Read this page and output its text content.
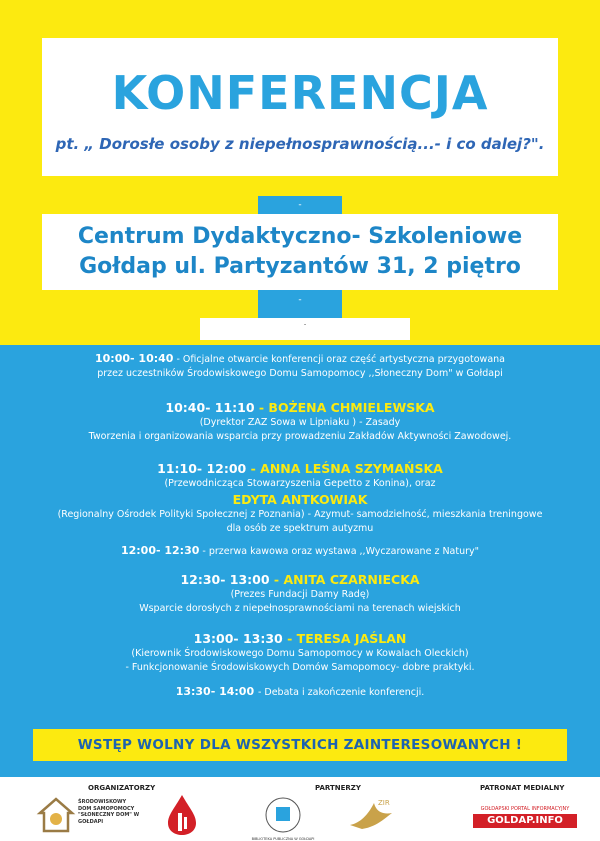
KONFERENCJA
pt. „ Dorosłe osoby z niepełnosprawnością...- i co dalej?".
-
Centrum Dydaktyczno- Szkoleniowe
Gołdap ul. Partyzantów 31, 2 piętro
-
.
10:00- 10:40 - Oficjalne otwarcie konferencji oraz część artystyczna przygotowana
przez uczestników Środowiskowego Domu Samopomocy ,,Słoneczny Dom" w Gołdapi
10:40- 11:10 - BOŻENA CHMIELEWSKA
(Dyrektor ZAZ Sowa w Lipniaku ) - Zasady
Tworzenia i organizowania wsparcia przy prowadzeniu Zakładów Aktywności Zawodowej.
11:10- 12:00 - ANNA LEŚNA SZYMAŃSKA
(Przewodnicząca Stowarzyszenia Gepetto z Konina), oraz
EDYTA ANTKOWIAK
(Regionalny Ośrodek Polityki Społecznej z Poznania) - Azymut- samodzielność, mieszkania treningowe
dla osób ze spektrum autyzmu
12:00- 12:30 - przerwa kawowa oraz wystawa ,,Wyczarowane z Natury"
12:30- 13:00 - ANITA CZARNIECKA
(Prezes Fundacji Damy Radę)
Wsparcie dorosłych z niepełnosprawnościami na terenach wiejskich
13:00- 13:30 - TERESA JAŚLAN
(Kierownik Środowiskowego Domu Samopomocy w Kowalach Oleckich)
- Funkcjonowanie Środowiskowych Domów Samopomocy- dobre praktyki.
13:30- 14:00 - Debata i zakończenie konferencji.
WSTĘP WOLNY DLA WSZYSTKICH ZAINTERESOWANYCH !
ORGANIZATORZY	PARTNERZY	PATRONAT MEDIALNY
ŚRODOWISKOWY DOM SAMOPOMOCY "SŁONECZNY DOM" W GOŁDAPI
BIBLIOTEKA PUBLICZNA W GOŁDAPI
ZIR
GOŁDAPSKI PORTAL INFORMACYJNY
GOLDAP.INFO
